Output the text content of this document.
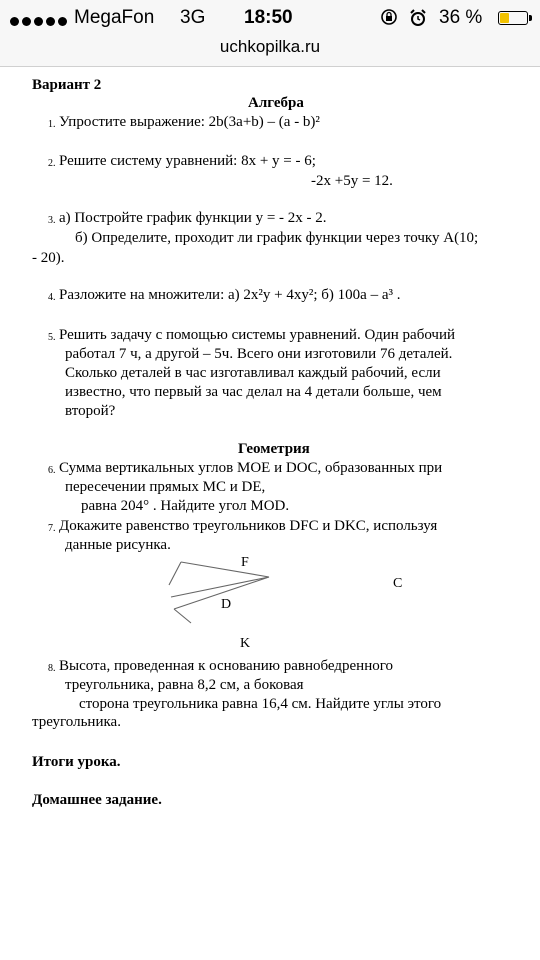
MegaFon 3G 18:50	36 %
uchkopilka.ru
Вариант 2
Алгебра
1. Упростите выражение: 2b(3a+b) – (a - b)²
2. Решите систему уравнений: 8x + y = - 6;
-2x +5y = 12.
3. а) Постройте график функции y = - 2x - 2.
б) Определите, проходит ли график функции через точку А(10;
- 20).
4. Разложите на множители: а) 2x²y + 4xy²; б) 100a – a³ .
5. Решить задачу с помощью системы уравнений. Один рабочий
работал 7 ч, а другой – 5ч. Всего они изготовили 76 деталей.
Сколько деталей в час изготавливал каждый рабочий, если
известно, что первый за час делал на 4 детали больше, чем
второй?
Геометрия
6. Сумма вертикальных углов MOE и DOC, образованных при
пересечении прямых MC и DE,
равна 204° . Найдите угол MOD.
7. Докажите равенство треугольников DFC и DKC, используя
данные рисунка.
F
C
D
K
8. Высота, проведенная к основанию равнобедренного
треугольника, равна 8,2 см, а боковая
сторона треугольника равна 16,4 см. Найдите углы этого
треугольника.
Итоги урока.
Домашнее задание.
